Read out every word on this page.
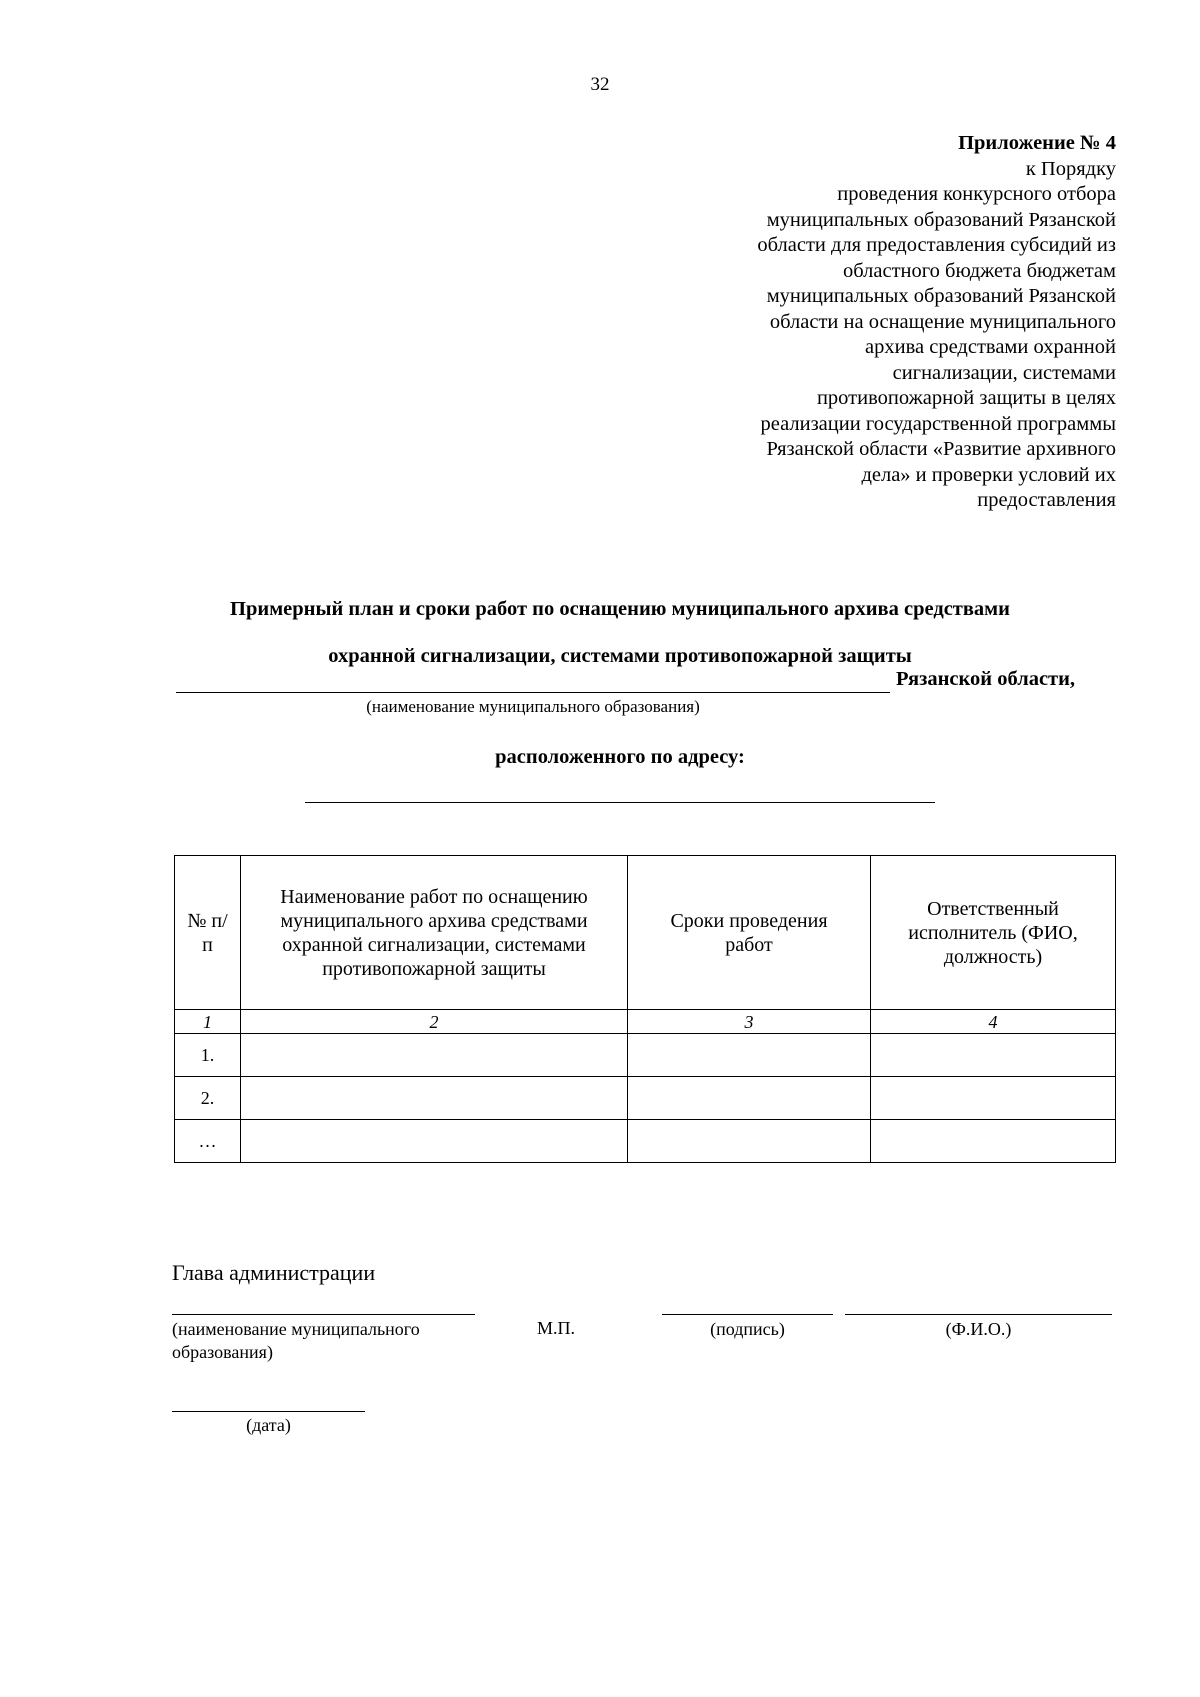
32
Приложение № 4
к Порядку
проведения конкурсного отбора
муниципальных образований Рязанской
области для предоставления субсидий из
областного бюджета бюджетам
муниципальных образований Рязанской
области на оснащение муниципального
архива средствами охранной
сигнализации, системами
противопожарной защиты в целях
реализации государственной программы
Рязанской области «Развитие архивного
дела» и проверки условий их
предоставления
Примерный план и сроки работ по оснащению муниципального архива средствами
охранной сигнализации, системами противопожарной защиты
Рязанской области,
(наименование муниципального образования)
расположенного по адресу:
№ п/п	Наименование работ по оснащению муниципального архива средствами охранной сигнализации, системами противопожарной защиты	Сроки проведения работ	Ответственный исполнитель (ФИО, должность)
1	2	3	4
1.			
2.			
…			
Глава администрации
(наименование муниципального образования)
М.П.	(подпись)	(Ф.И.О.)
(дата)
